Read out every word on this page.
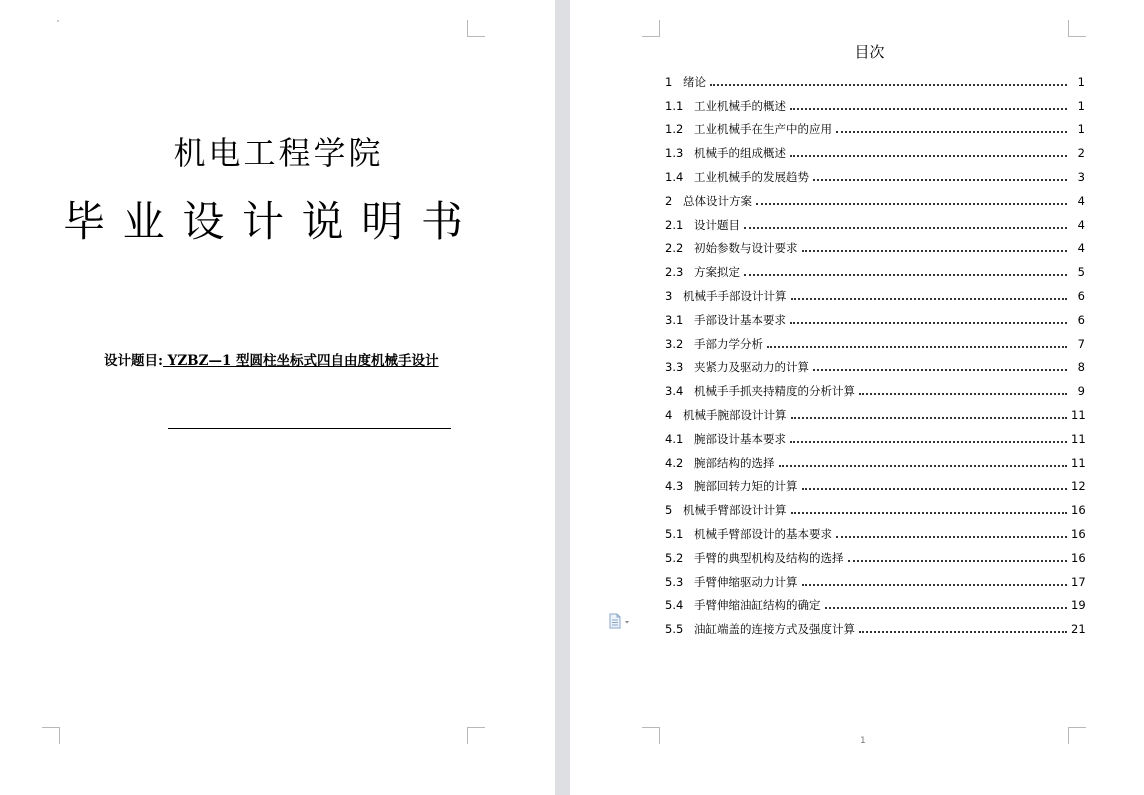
机电工程学院
毕 业 设 计 说 明 书
设计题目: YZBZ—1 型圆柱坐标式四自由度机械手设计
目次
1 绪论	1
1.1 工业机械手的概述	1
1.2 工业机械手在生产中的应用	1
1.3 机械手的组成概述	2
1.4 工业机械手的发展趋势	3
2 总体设计方案	4
2.1 设计题目	4
2.2 初始参数与设计要求	4
2.3 方案拟定	5
3 机械手手部设计计算	6
3.1 手部设计基本要求	6
3.2 手部力学分析	7
3.3 夹紧力及驱动力的计算	8
3.4 机械手手抓夹持精度的分析计算	9
4 机械手腕部设计计算	11
4.1 腕部设计基本要求	11
4.2 腕部结构的选择	11
4.3 腕部回转力矩的计算	12
5 机械手臂部设计计算	16
5.1 机械手臂部设计的基本要求	16
5.2 手臂的典型机构及结构的选择	16
5.3 手臂伸缩驱动力计算	17
5.4 手臂伸缩油缸结构的确定	19
5.5 油缸端盖的连接方式及强度计算	21
1
